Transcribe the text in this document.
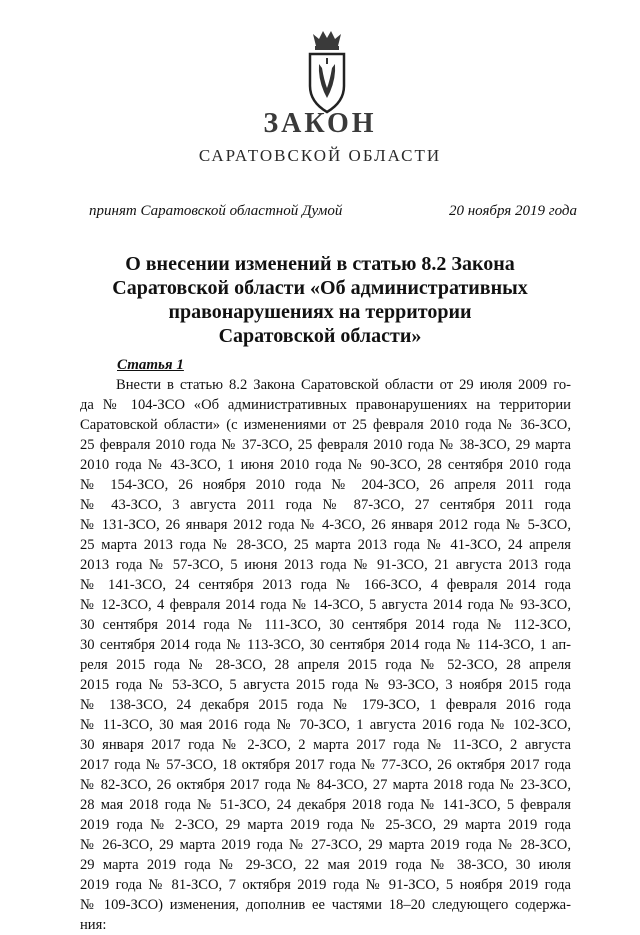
ЗАКОН
САРАТОВСКОЙ ОБЛАСТИ
принят Саратовской областной Думой	20 ноября 2019 года
О внесении изменений в статью 8.2 Закона
Саратовской области «Об административных
правонарушениях на территории
Саратовской области»
Статья 1
Внести в статью 8.2 Закона Саратовской области от 29 июля 2009 го-
да № 104-ЗСО «Об административных правонарушениях на территории
Саратовской области» (с изменениями от 25 февраля 2010 года № 36-ЗСО,
25 февраля 2010 года № 37-ЗСО, 25 февраля 2010 года № 38-ЗСО, 29 марта
2010 года № 43-ЗСО, 1 июня 2010 года № 90-ЗСО, 28 сентября 2010 года
№ 154-ЗСО, 26 ноября 2010 года № 204-ЗСО, 26 апреля 2011 года
№ 43-ЗСО, 3 августа 2011 года № 87-ЗСО, 27 сентября 2011 года
№ 131-ЗСО, 26 января 2012 года № 4-ЗСО, 26 января 2012 года № 5-ЗСО,
25 марта 2013 года № 28-ЗСО, 25 марта 2013 года № 41-ЗСО, 24 апреля
2013 года № 57-ЗСО, 5 июня 2013 года № 91-ЗСО, 21 августа 2013 года
№ 141-ЗСО, 24 сентября 2013 года № 166-ЗСО, 4 февраля 2014 года
№ 12-ЗСО, 4 февраля 2014 года № 14-ЗСО, 5 августа 2014 года № 93-ЗСО,
30 сентября 2014 года № 111-ЗСО, 30 сентября 2014 года № 112-ЗСО,
30 сентября 2014 года № 113-ЗСО, 30 сентября 2014 года № 114-ЗСО, 1 ап-
реля 2015 года № 28-ЗСО, 28 апреля 2015 года № 52-ЗСО, 28 апреля
2015 года № 53-ЗСО, 5 августа 2015 года № 93-ЗСО, 3 ноября 2015 года
№ 138-ЗСО, 24 декабря 2015 года № 179-ЗСО, 1 февраля 2016 года
№ 11-ЗСО, 30 мая 2016 года № 70-ЗСО, 1 августа 2016 года № 102-ЗСО,
30 января 2017 года № 2-ЗСО, 2 марта 2017 года № 11-ЗСО, 2 августа
2017 года № 57-ЗСО, 18 октября 2017 года № 77-ЗСО, 26 октября 2017 года
№ 82-ЗСО, 26 октября 2017 года № 84-ЗСО, 27 марта 2018 года № 23-ЗСО,
28 мая 2018 года № 51-ЗСО, 24 декабря 2018 года № 141-ЗСО, 5 февраля
2019 года № 2-ЗСО, 29 марта 2019 года № 25-ЗСО, 29 марта 2019 года
№ 26-ЗСО, 29 марта 2019 года № 27-ЗСО, 29 марта 2019 года № 28-ЗСО,
29 марта 2019 года № 29-ЗСО, 22 мая 2019 года № 38-ЗСО, 30 июля
2019 года № 81-ЗСО, 7 октября 2019 года № 91-ЗСО, 5 ноября 2019 года
№ 109-ЗСО) изменения, дополнив ее частями 18–20 следующего содержа-
ния:
